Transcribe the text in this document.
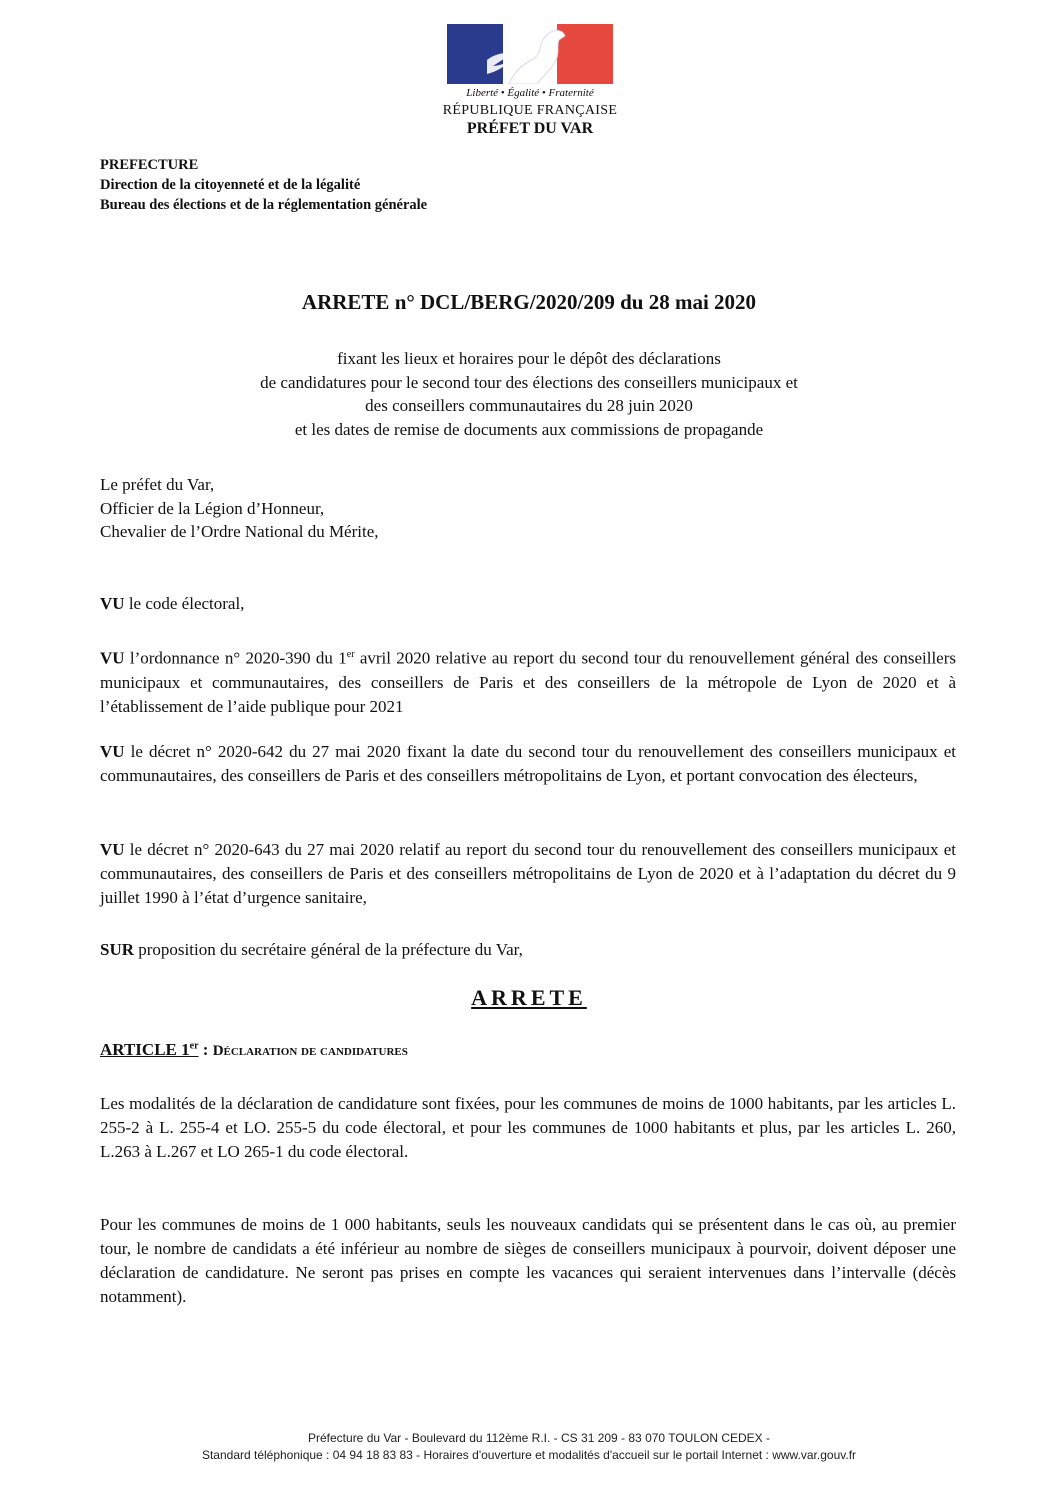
Liberté • Égalité • Fraternité
RÉPUBLIQUE FRANÇAISE
PRÉFET DU VAR
PREFECTURE
Direction de la citoyenneté et de la légalité
Bureau des élections et de la réglementation générale
ARRETE n° DCL/BERG/2020/209 du 28 mai 2020
fixant les lieux et horaires pour le dépôt des déclarations
de candidatures pour le second tour des élections des conseillers municipaux et
des conseillers communautaires du 28 juin 2020
et les dates de remise de documents aux commissions de propagande
Le préfet du Var,
Officier de la Légion d’Honneur,
Chevalier de l’Ordre National du Mérite,
VU le code électoral,
VU l’ordonnance n° 2020-390 du 1er avril 2020 relative au report du second tour du renouvellement général des conseillers municipaux et communautaires, des conseillers de Paris et des conseillers de la métropole de Lyon de 2020 et à l’établissement de l’aide publique pour 2021
VU le décret n° 2020-642 du 27 mai 2020 fixant la date du second tour du renouvellement des conseillers municipaux et communautaires, des conseillers de Paris et des conseillers métropolitains de Lyon, et portant convocation des électeurs,
VU le décret n° 2020-643 du 27 mai 2020 relatif au report du second tour du renouvellement des conseillers municipaux et communautaires, des conseillers de Paris et des conseillers métropolitains de Lyon de 2020 et à l’adaptation du décret du 9 juillet 1990 à l’état d’urgence sanitaire,
SUR proposition du secrétaire général de la préfecture du Var,
ARRETE
ARTICLE 1er : Déclaration de candidatures
Les modalités de la déclaration de candidature sont fixées, pour les communes de moins de 1000 habitants, par les articles L. 255-2 à L. 255-4 et LO. 255-5 du code électoral, et pour les communes de 1000 habitants et plus, par les articles L. 260, L.263 à L.267 et LO 265-1 du code électoral.
Pour les communes de moins de 1 000 habitants, seuls les nouveaux candidats qui se présentent dans le cas où, au premier tour, le nombre de candidats a été inférieur au nombre de sièges de conseillers municipaux à pourvoir, doivent déposer une déclaration de candidature. Ne seront pas prises en compte les vacances qui seraient intervenues dans l’intervalle (décès notamment).
Préfecture du Var - Boulevard du 112ème R.I. - CS 31 209 - 83 070 TOULON CEDEX -
Standard téléphonique : 04 94 18 83 83 - Horaires d'ouverture et modalités d'accueil sur le portail Internet : www.var.gouv.fr
